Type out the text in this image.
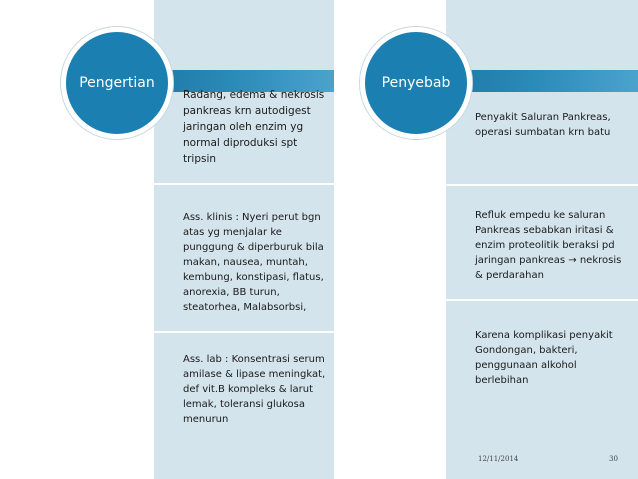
Pengertian	Penyebab

Radang, edema & nekrosis
pankreas krn autodigest
jaringan oleh enzim yg
normal diproduksi spt
tripsin

Ass. klinis : Nyeri perut bgn
atas yg menjalar ke
punggung & diperburuk bila
makan, nausea, muntah,
kembung, konstipasi, flatus,
anorexia, BB turun,
steatorhea, Malabsorbsi,

Ass. lab : Konsentrasi serum
amilase & lipase meningkat,
def vit.B kompleks & larut
lemak, toleransi glukosa
menurun

Penyakit Saluran Pankreas,
operasi sumbatan krn batu

Refluk empedu ke saluran
Pankreas sebabkan iritasi &
enzim proteolitik beraksi pd
jaringan pankreas → nekrosis
& perdarahan

Karena komplikasi penyakit
Gondongan, bakteri,
penggunaan alkohol
berlebihan

12/11/2014	30
